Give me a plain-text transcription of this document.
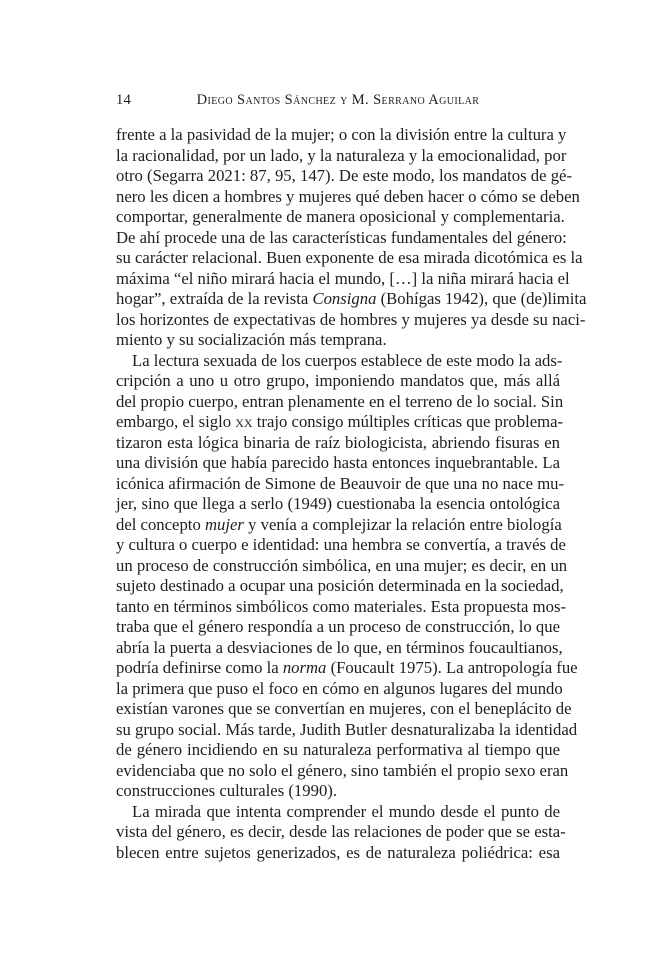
14	Diego Santos Sánchez y M. Serrano Aguilar
frente a la pasividad de la mujer; o con la división entre la cultura y
la racionalidad, por un lado, y la naturaleza y la emocionalidad, por
otro (Segarra 2021: 87, 95, 147). De este modo, los mandatos de gé-
nero les dicen a hombres y mujeres qué deben hacer o cómo se deben
comportar, generalmente de manera oposicional y complementaria.
De ahí procede una de las características fundamentales del género:
su carácter relacional. Buen exponente de esa mirada dicotómica es la
máxima “el niño mirará hacia el mundo, […] la niña mirará hacia el
hogar”, extraída de la revista Consigna (Bohígas 1942), que (de)limita
los horizontes de expectativas de hombres y mujeres ya desde su naci-
miento y su socialización más temprana.
La lectura sexuada de los cuerpos establece de este modo la ads-
cripción a uno u otro grupo, imponiendo mandatos que, más allá
del propio cuerpo, entran plenamente en el terreno de lo social. Sin
embargo, el siglo xx trajo consigo múltiples críticas que problema-
tizaron esta lógica binaria de raíz biologicista, abriendo fisuras en
una división que había parecido hasta entonces inquebrantable. La
icónica afirmación de Simone de Beauvoir de que una no nace mu-
jer, sino que llega a serlo (1949) cuestionaba la esencia ontológica
del concepto mujer y venía a complejizar la relación entre biología
y cultura o cuerpo e identidad: una hembra se convertía, a través de
un proceso de construcción simbólica, en una mujer; es decir, en un
sujeto destinado a ocupar una posición determinada en la sociedad,
tanto en términos simbólicos como materiales. Esta propuesta mos-
traba que el género respondía a un proceso de construcción, lo que
abría la puerta a desviaciones de lo que, en términos foucaultianos,
podría definirse como la norma (Foucault 1975). La antropología fue
la primera que puso el foco en cómo en algunos lugares del mundo
existían varones que se convertían en mujeres, con el beneplácito de
su grupo social. Más tarde, Judith Butler desnaturalizaba la identidad
de género incidiendo en su naturaleza performativa al tiempo que
evidenciaba que no solo el género, sino también el propio sexo eran
construcciones culturales (1990).
La mirada que intenta comprender el mundo desde el punto de
vista del género, es decir, desde las relaciones de poder que se esta-
blecen entre sujetos generizados, es de naturaleza poliédrica: esa
